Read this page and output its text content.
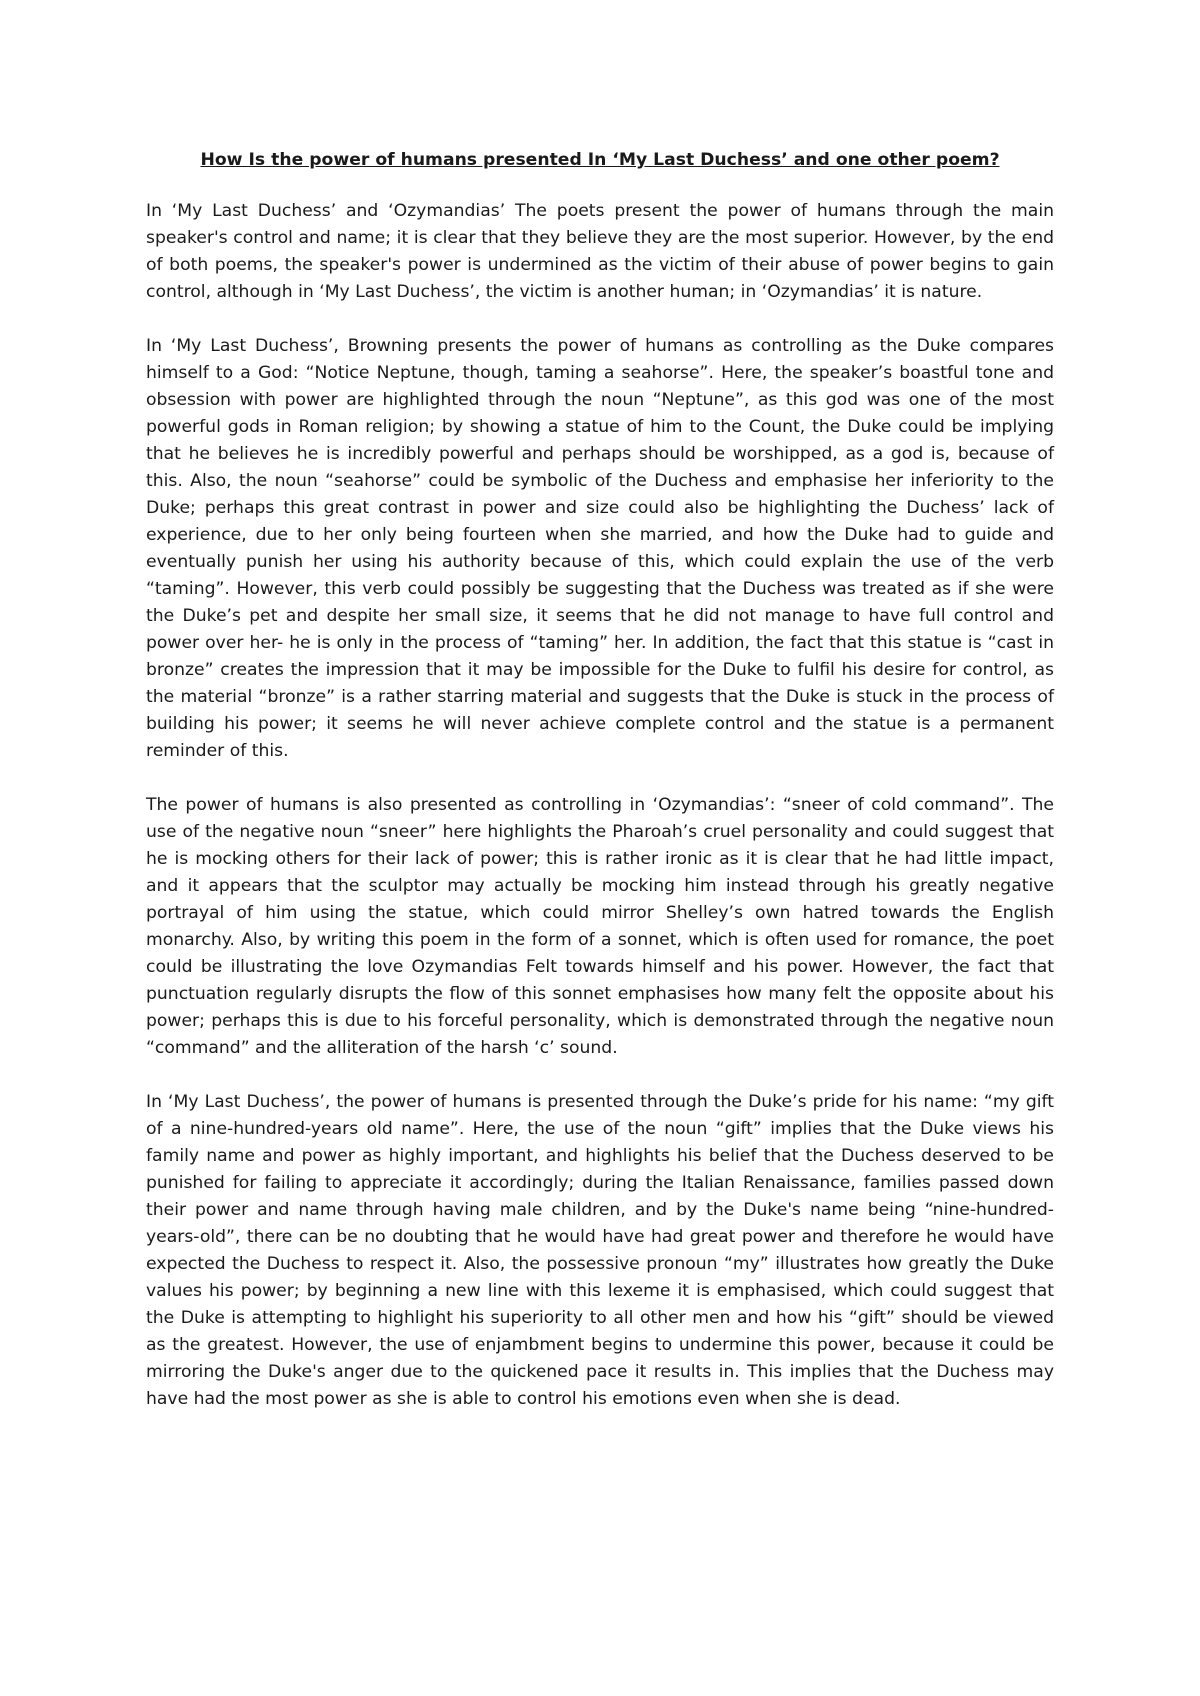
How Is the power of humans presented In ‘My Last Duchess’ and one other poem?

In ‘My Last Duchess’ and ‘Ozymandias’ The poets present the power of humans through the main speaker's control and name; it is clear that they believe they are the most superior. However, by the end of both poems, the speaker's power is undermined as the victim of their abuse of power begins to gain control, although in ‘My Last Duchess’, the victim is another human; in ‘Ozymandias’ it is nature.

In ‘My Last Duchess’, Browning presents the power of humans as controlling as the Duke compares himself to a God: “Notice Neptune, though, taming a seahorse”. Here, the speaker’s boastful tone and obsession with power are highlighted through the noun “Neptune”, as this god was one of the most powerful gods in Roman religion; by showing a statue of him to the Count, the Duke could be implying that he believes he is incredibly powerful and perhaps should be worshipped, as a god is, because of this. Also, the noun “seahorse” could be symbolic of the Duchess and emphasise her inferiority to the Duke; perhaps this great contrast in power and size could also be highlighting the Duchess’ lack of experience, due to her only being fourteen when she married, and how the Duke had to guide and eventually punish her using his authority because of this, which could explain the use of the verb “taming”. However, this verb could possibly be suggesting that the Duchess was treated as if she were the Duke’s pet and despite her small size, it seems that he did not manage to have full control and power over her- he is only in the process of “taming” her. In addition, the fact that this statue is “cast in bronze” creates the impression that it may be impossible for the Duke to fulfil his desire for control, as the material “bronze” is a rather starring material and suggests that the Duke is stuck in the process of building his power; it seems he will never achieve complete control and the statue is a permanent reminder of this.

The power of humans is also presented as controlling in ‘Ozymandias’: “sneer of cold command”. The use of the negative noun “sneer” here highlights the Pharoah’s cruel personality and could suggest that he is mocking others for their lack of power; this is rather ironic as it is clear that he had little impact, and it appears that the sculptor may actually be mocking him instead through his greatly negative portrayal of him using the statue, which could mirror Shelley’s own hatred towards the English monarchy. Also, by writing this poem in the form of a sonnet, which is often used for romance, the poet could be illustrating the love Ozymandias Felt towards himself and his power. However, the fact that punctuation regularly disrupts the flow of this sonnet emphasises how many felt the opposite about his power; perhaps this is due to his forceful personality, which is demonstrated through the negative noun “command” and the alliteration of the harsh ‘c’ sound.

In ‘My Last Duchess’, the power of humans is presented through the Duke’s pride for his name: “my gift of a nine-hundred-years old name”. Here, the use of the noun “gift” implies that the Duke views his family name and power as highly important, and highlights his belief that the Duchess deserved to be punished for failing to appreciate it accordingly; during the Italian Renaissance, families passed down their power and name through having male children, and by the Duke's name being “nine-hundred-years-old”, there can be no doubting that he would have had great power and therefore he would have expected the Duchess to respect it. Also, the possessive pronoun “my” illustrates how greatly the Duke values his power; by beginning a new line with this lexeme it is emphasised, which could suggest that the Duke is attempting to highlight his superiority to all other men and how his “gift” should be viewed as the greatest. However, the use of enjambment begins to undermine this power, because it could be mirroring the Duke's anger due to the quickened pace it results in. This implies that the Duchess may have had the most power as she is able to control his emotions even when she is dead.
